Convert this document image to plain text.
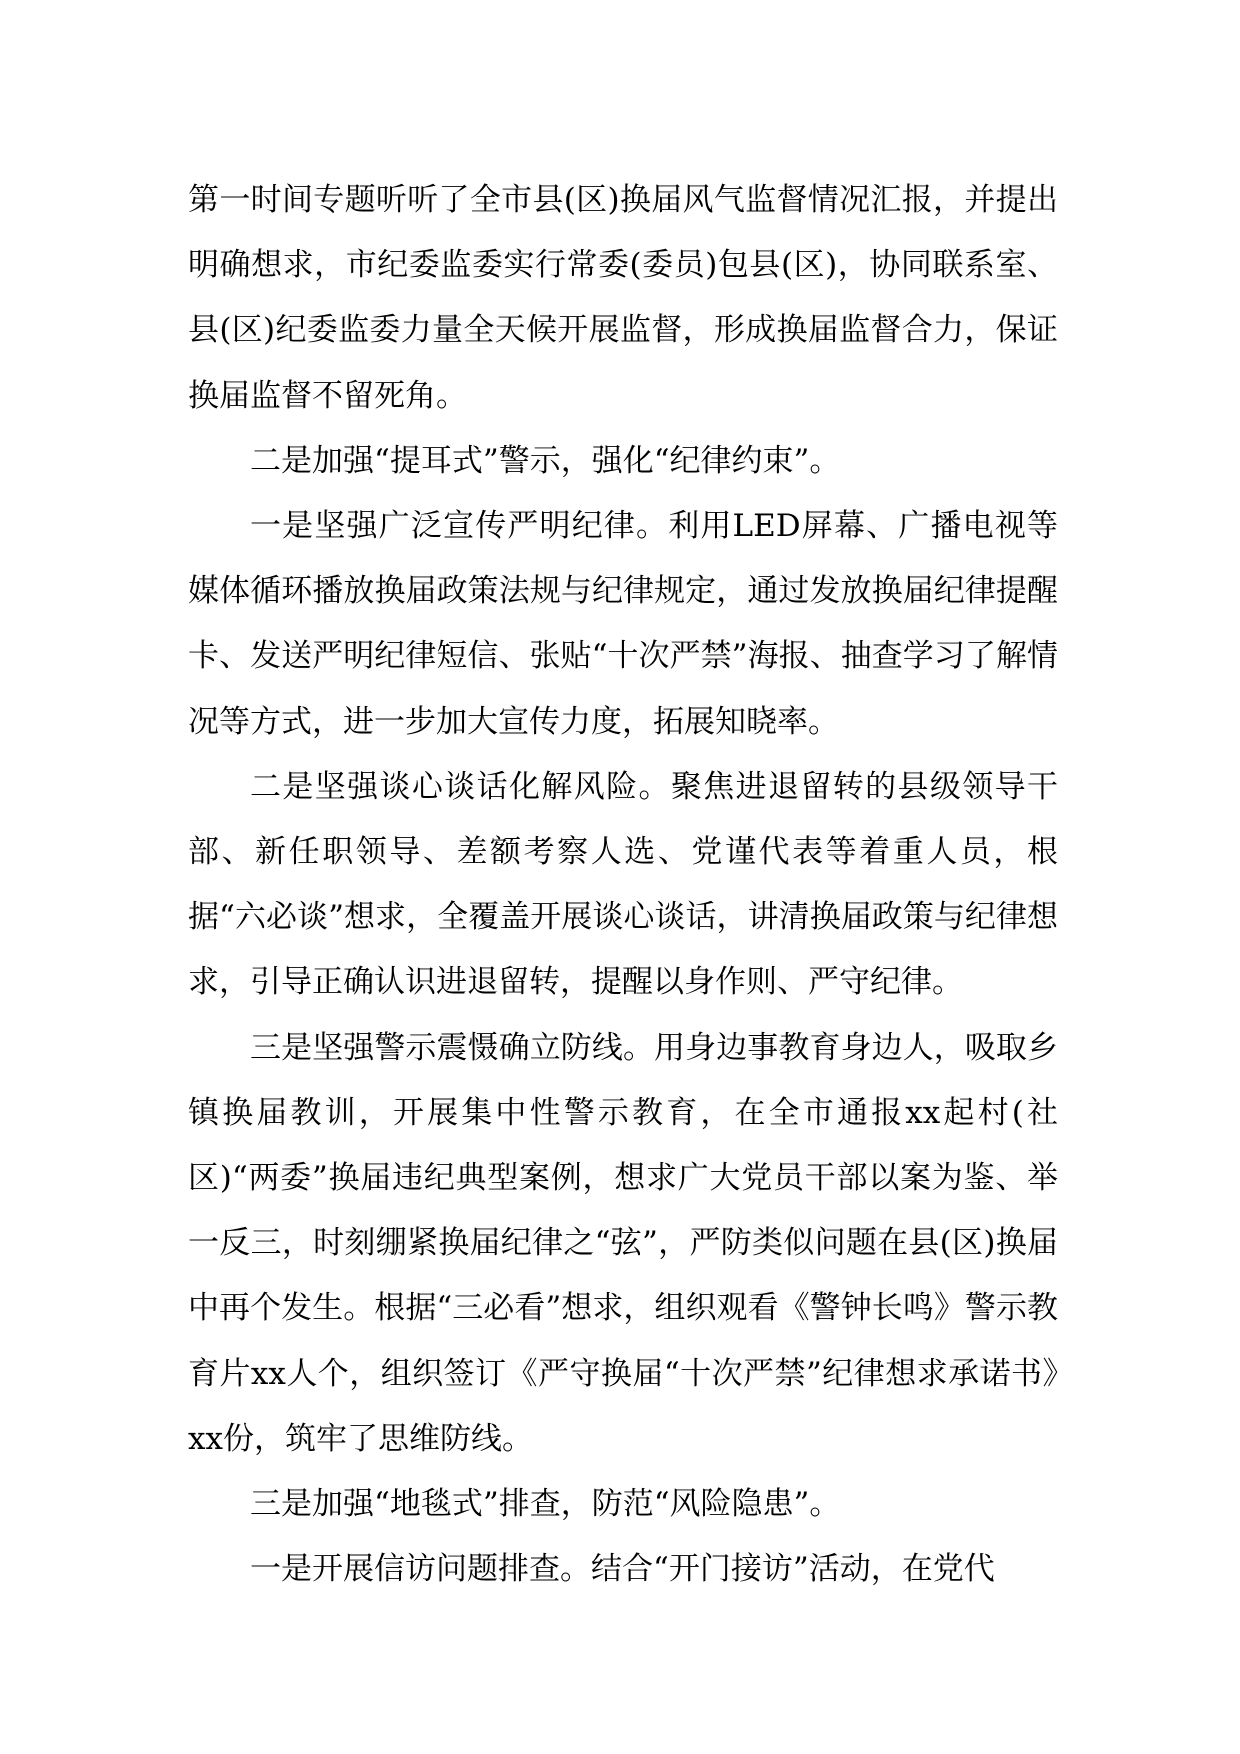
第一时间专题听听了全市县(区)换届风气监督情况汇报，并提出明确想求，市纪委监委实行常委(委员)包县(区)，协同联系室、县(区)纪委监委力量全天候开展监督，形成换届监督合力，保证换届监督不留死角。

二是加强“提耳式”警示，强化“纪律约束”。

一是坚强广泛宣传严明纪律。利用LED屏幕、广播电视等媒体循环播放换届政策法规与纪律规定，通过发放换届纪律提醒卡、发送严明纪律短信、张贴“十次严禁”海报、抽查学习了解情况等方式，进一步加大宣传力度，拓展知晓率。

二是坚强谈心谈话化解风险。聚焦进退留转的县级领导干部、新任职领导、差额考察人选、党谨代表等着重人员，根据“六必谈”想求，全覆盖开展谈心谈话，讲清换届政策与纪律想求，引导正确认识进退留转，提醒以身作则、严守纪律。

三是坚强警示震慑确立防线。用身边事教育身边人，吸取乡镇换届教训，开展集中性警示教育，在全市通报xx起村(社区)“两委”换届违纪典型案例，想求广大党员干部以案为鉴、举一反三，时刻绷紧换届纪律之“弦”，严防类似问题在县(区)换届中再个发生。根据“三必看”想求，组织观看《警钟长鸣》警示教育片xx人个，组织签订《严守换届“十次严禁”纪律想求承诺书》xx份，筑牢了思维防线。

三是加强“地毯式”排查，防范“风险隐患”。

一是开展信访问题排查。结合“开门接访”活动，在党代
